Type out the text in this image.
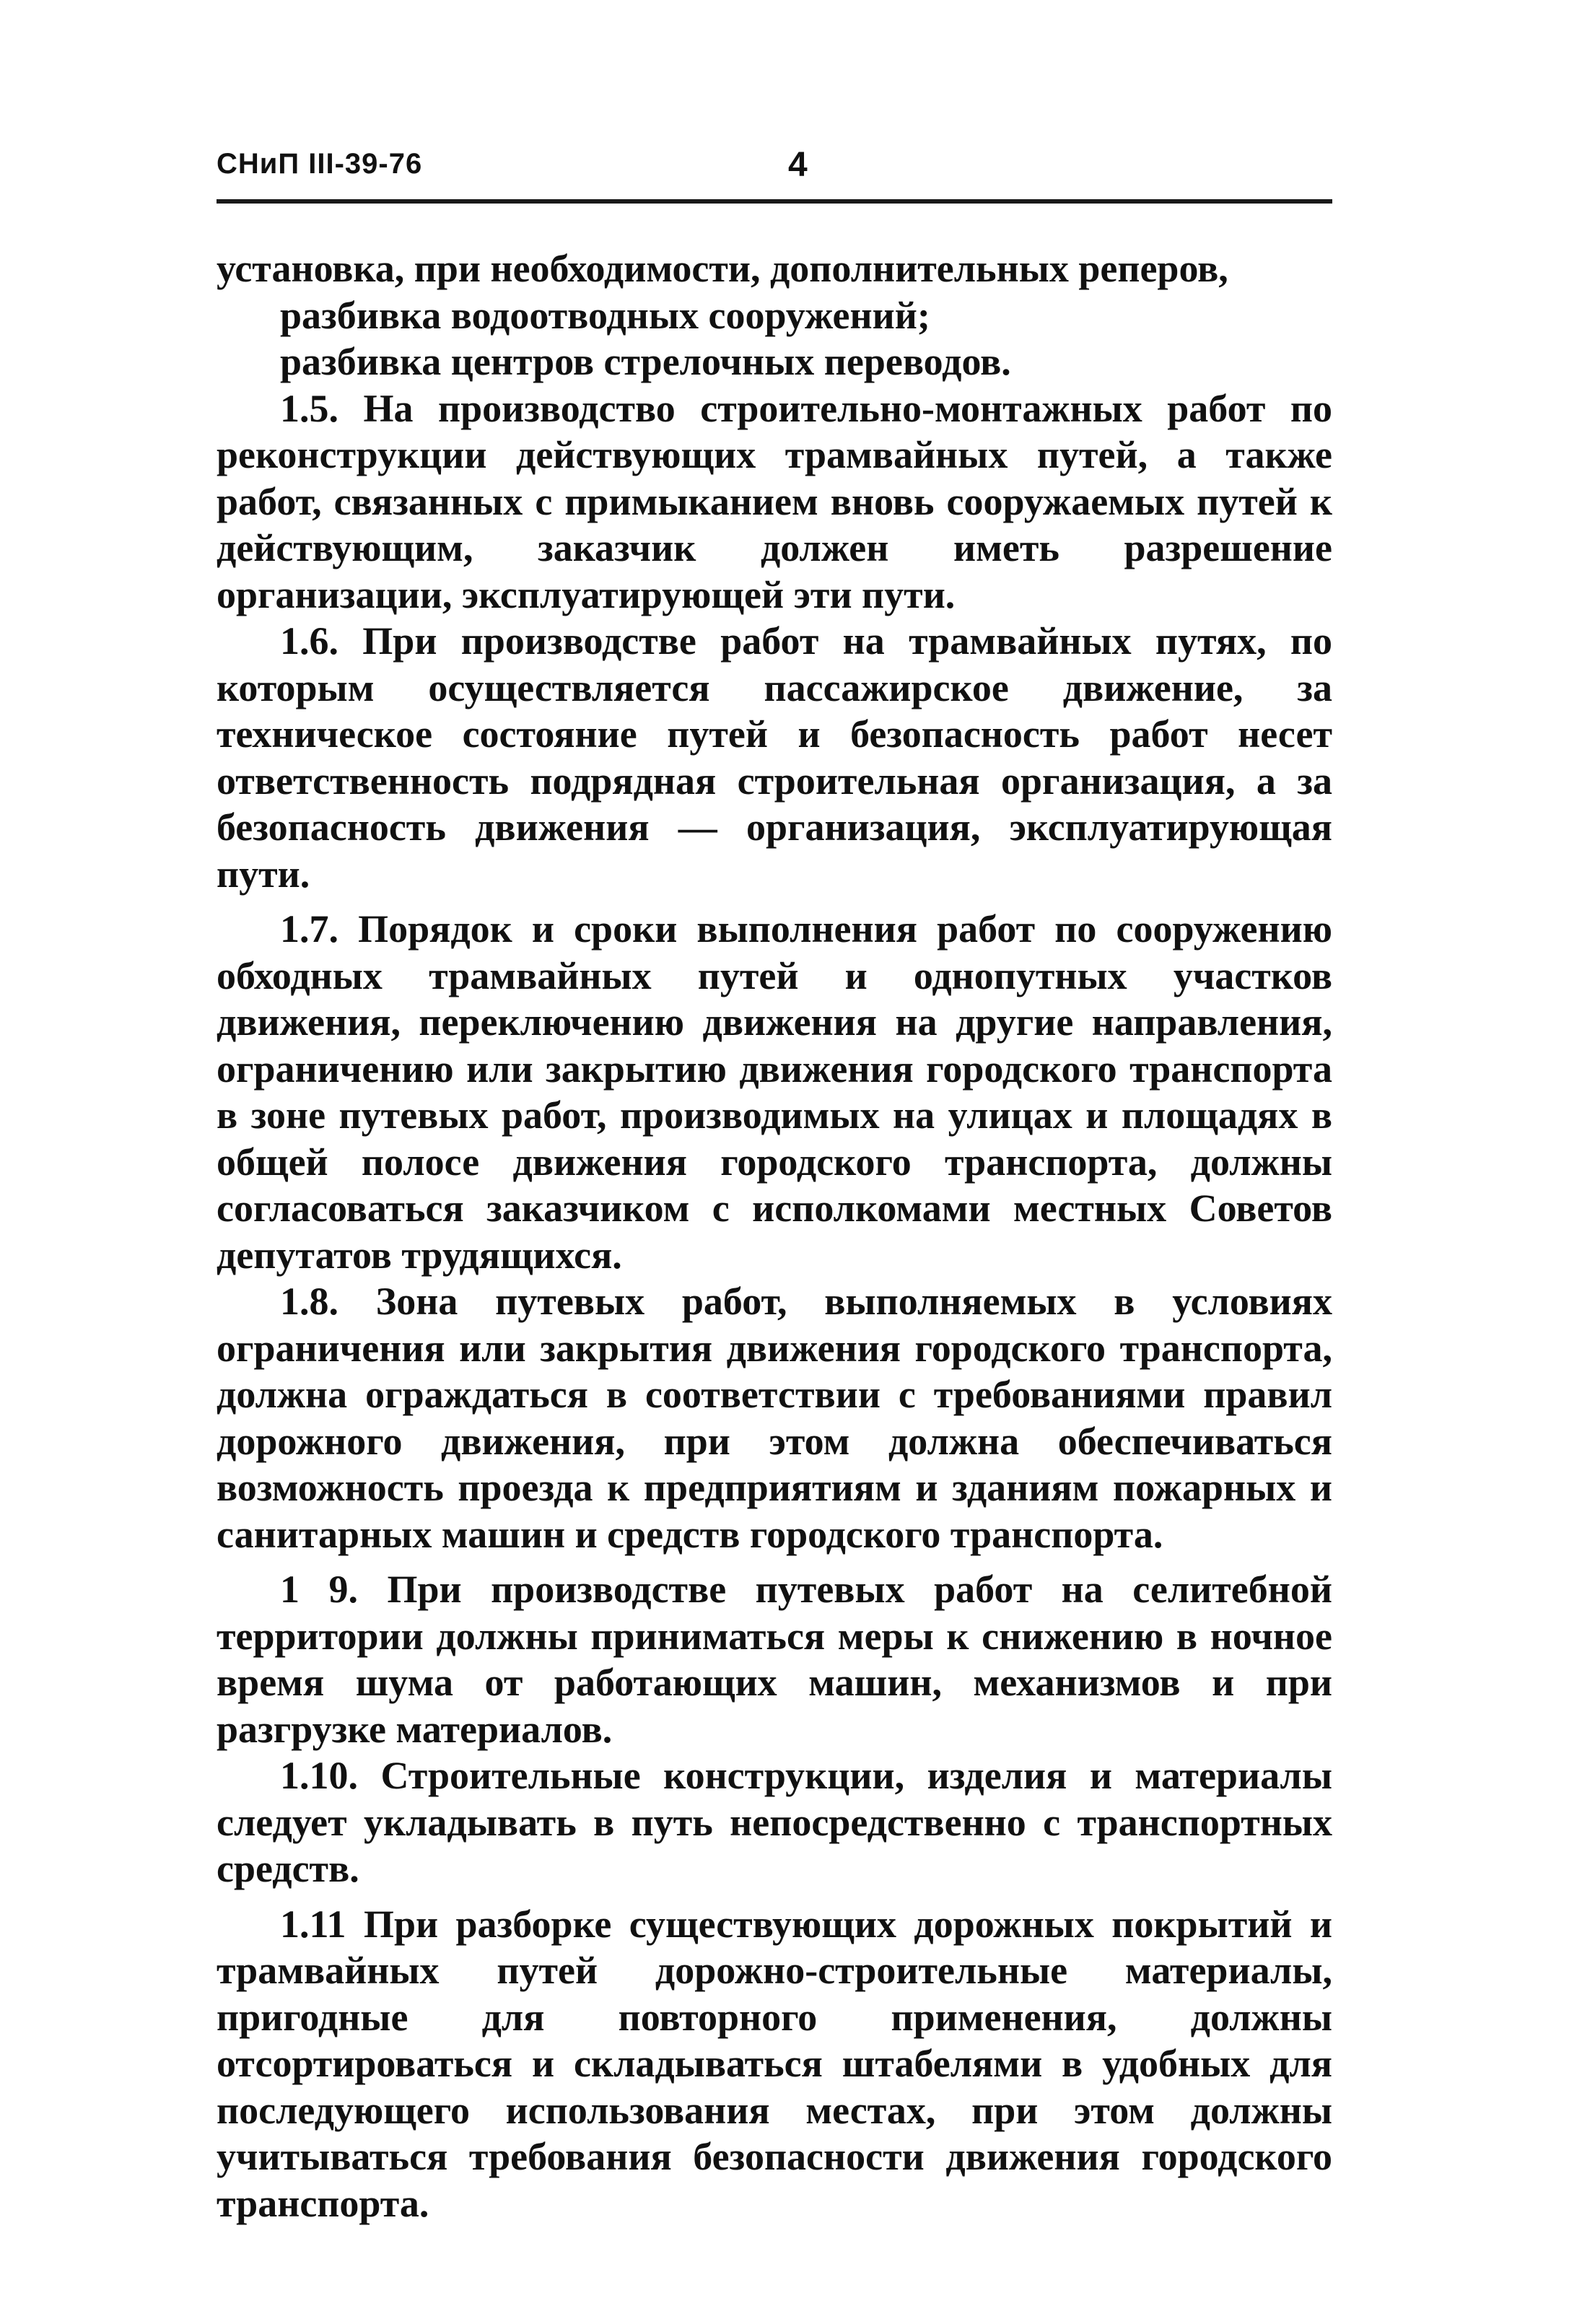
СНиП III-39-76	4

установка, при необходимости, дополнительных реперов,

разбивка водоотводных сооружений;

разбивка центров стрелочных переводов.

1.5. На производство строительно-монтажных работ по реконструкции действующих трамвайных путей, а также работ, связанных с примыканием вновь сооружаемых путей к действующим, заказчик должен иметь разрешение организации, эксплуатирующей эти пути.

1.6. При производстве работ на трамвайных путях, по которым осуществляется пассажирское движение, за техническое состояние путей и безопасность работ несет ответственность подрядная строительная организация, а за безопасность движения — организация, эксплуатирующая пути.

1.7. Порядок и сроки выполнения работ по сооружению обходных трамвайных путей и однопутных участков движения, переключению движения на другие направления, ограничению или закрытию движения городского транспорта в зоне путевых работ, производимых на улицах и площадях в общей полосе движения городского транспорта, должны согласоваться заказчиком с исполкомами местных Советов депутатов трудящихся.

1.8. Зона путевых работ, выполняемых в условиях ограничения или закрытия движения городского транспорта, должна ограждаться в соответствии с требованиями правил дорожного движения, при этом должна обеспечиваться возможность проезда к предприятиям и зданиям пожарных и санитарных машин и средств городского транспорта.

1 9. При производстве путевых работ на селитебной территории должны приниматься меры к снижению в ночное время шума от работающих машин, механизмов и при разгрузке материалов.

1.10. Строительные конструкции, изделия и материалы следует укладывать в путь непосредственно с транспортных средств.

1.11 При разборке существующих дорожных покрытий и трамвайных путей дорожно-строительные материалы, пригодные для повторного применения, должны отсортироваться и складываться штабелями в удобных для последующего использования местах, при этом должны учитываться требования безопасности движения городского транспорта.
